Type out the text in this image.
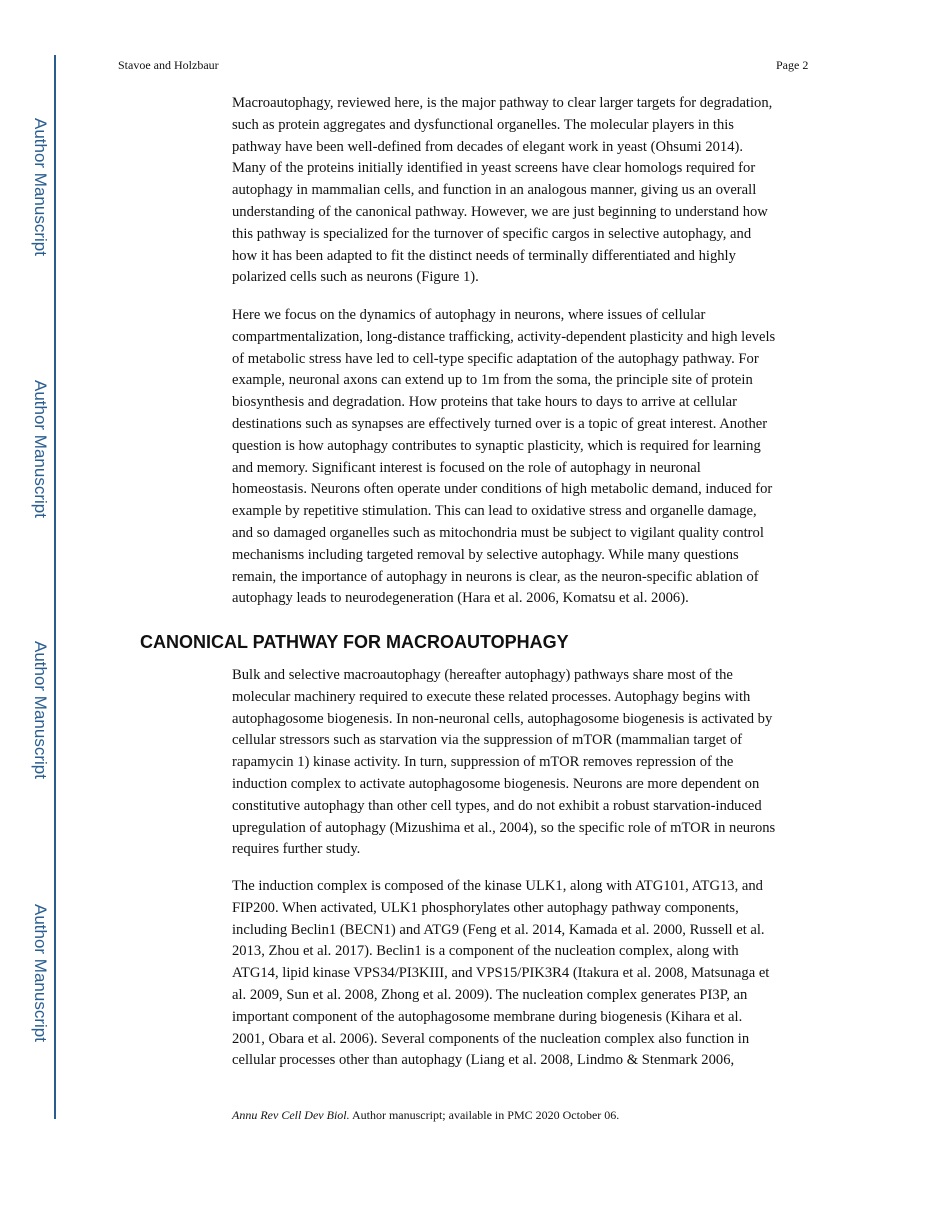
Author Manuscript
Author Manuscript
Author Manuscript
Author Manuscript
Stavoe and Holzbaur	Page 2
Macroautophagy, reviewed here, is the major pathway to clear larger targets for degradation,
such as protein aggregates and dysfunctional organelles. The molecular players in this
pathway have been well-defined from decades of elegant work in yeast (Ohsumi 2014).
Many of the proteins initially identified in yeast screens have clear homologs required for
autophagy in mammalian cells, and function in an analogous manner, giving us an overall
understanding of the canonical pathway. However, we are just beginning to understand how
this pathway is specialized for the turnover of specific cargos in selective autophagy, and
how it has been adapted to fit the distinct needs of terminally differentiated and highly
polarized cells such as neurons (Figure 1).
Here we focus on the dynamics of autophagy in neurons, where issues of cellular
compartmentalization, long-distance trafficking, activity-dependent plasticity and high levels
of metabolic stress have led to cell-type specific adaptation of the autophagy pathway. For
example, neuronal axons can extend up to 1m from the soma, the principle site of protein
biosynthesis and degradation. How proteins that take hours to days to arrive at cellular
destinations such as synapses are effectively turned over is a topic of great interest. Another
question is how autophagy contributes to synaptic plasticity, which is required for learning
and memory. Significant interest is focused on the role of autophagy in neuronal
homeostasis. Neurons often operate under conditions of high metabolic demand, induced for
example by repetitive stimulation. This can lead to oxidative stress and organelle damage,
and so damaged organelles such as mitochondria must be subject to vigilant quality control
mechanisms including targeted removal by selective autophagy. While many questions
remain, the importance of autophagy in neurons is clear, as the neuron-specific ablation of
autophagy leads to neurodegeneration (Hara et al. 2006, Komatsu et al. 2006).
CANONICAL PATHWAY FOR MACROAUTOPHAGY
Bulk and selective macroautophagy (hereafter autophagy) pathways share most of the
molecular machinery required to execute these related processes. Autophagy begins with
autophagosome biogenesis. In non-neuronal cells, autophagosome biogenesis is activated by
cellular stressors such as starvation via the suppression of mTOR (mammalian target of
rapamycin 1) kinase activity. In turn, suppression of mTOR removes repression of the
induction complex to activate autophagosome biogenesis. Neurons are more dependent on
constitutive autophagy than other cell types, and do not exhibit a robust starvation-induced
upregulation of autophagy (Mizushima et al., 2004), so the specific role of mTOR in neurons
requires further study.
The induction complex is composed of the kinase ULK1, along with ATG101, ATG13, and
FIP200. When activated, ULK1 phosphorylates other autophagy pathway components,
including Beclin1 (BECN1) and ATG9 (Feng et al. 2014, Kamada et al. 2000, Russell et al.
2013, Zhou et al. 2017). Beclin1 is a component of the nucleation complex, along with
ATG14, lipid kinase VPS34/PI3KIII, and VPS15/PIK3R4 (Itakura et al. 2008, Matsunaga et
al. 2009, Sun et al. 2008, Zhong et al. 2009). The nucleation complex generates PI3P, an
important component of the autophagosome membrane during biogenesis (Kihara et al.
2001, Obara et al. 2006). Several components of the nucleation complex also function in
cellular processes other than autophagy (Liang et al. 2008, Lindmo & Stenmark 2006,
Annu Rev Cell Dev Biol. Author manuscript; available in PMC 2020 October 06.
